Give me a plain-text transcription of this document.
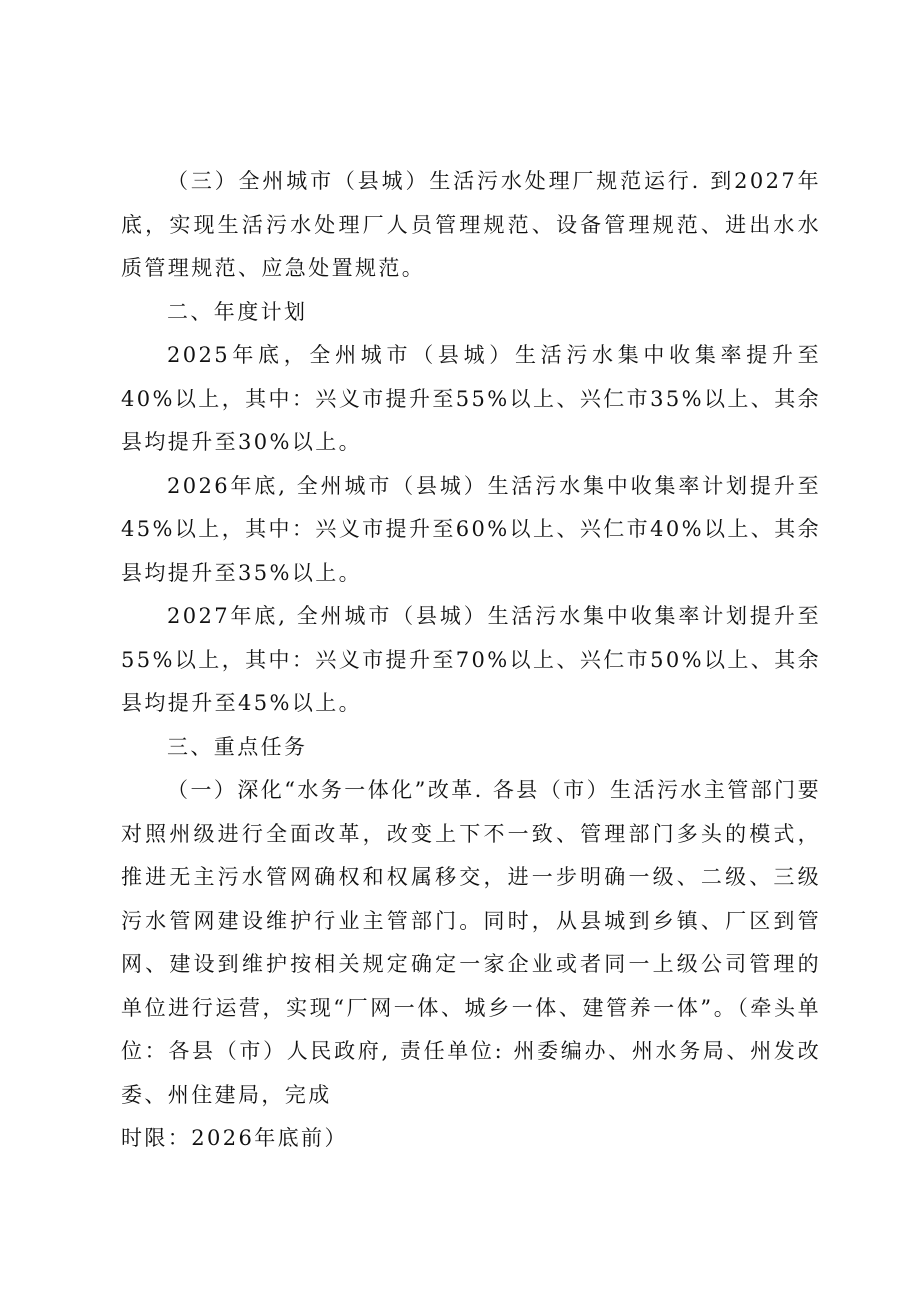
（三）全州城市（县城）生活污水处理厂规范运行. 到2027年底，实现生活污水处理厂人员管理规范、设备管理规范、进出水水质管理规范、应急处置规范。

二、年度计划

2025年底，全州城市（县城）生活污水集中收集率提升至40%以上，其中：兴义市提升至55%以上、兴仁市35%以上、其余县均提升至30%以上。

2026年底, 全州城市（县城）生活污水集中收集率计划提升至45%以上，其中：兴义市提升至60%以上、兴仁市40%以上、其余县均提升至35%以上。

2027年底, 全州城市（县城）生活污水集中收集率计划提升至55%以上，其中：兴义市提升至70%以上、兴仁市50%以上、其余县均提升至45%以上。

三、重点任务

（一）深化“水务一体化”改革. 各县（市）生活污水主管部门要对照州级进行全面改革，改变上下不一致、管理部门多头的模式，推进无主污水管网确权和权属移交，进一步明确一级、二级、三级污水管网建设维护行业主管部门。同时，从县城到乡镇、厂区到管网、建设到维护按相关规定确定一家企业或者同一上级公司管理的单位进行运营，实现“厂网一体、城乡一体、建管养一体”。（牵头单位：各县（市）人民政府, 责任单位: 州委编办、州水务局、州发改委、州住建局，完成

时限：2026年底前）
